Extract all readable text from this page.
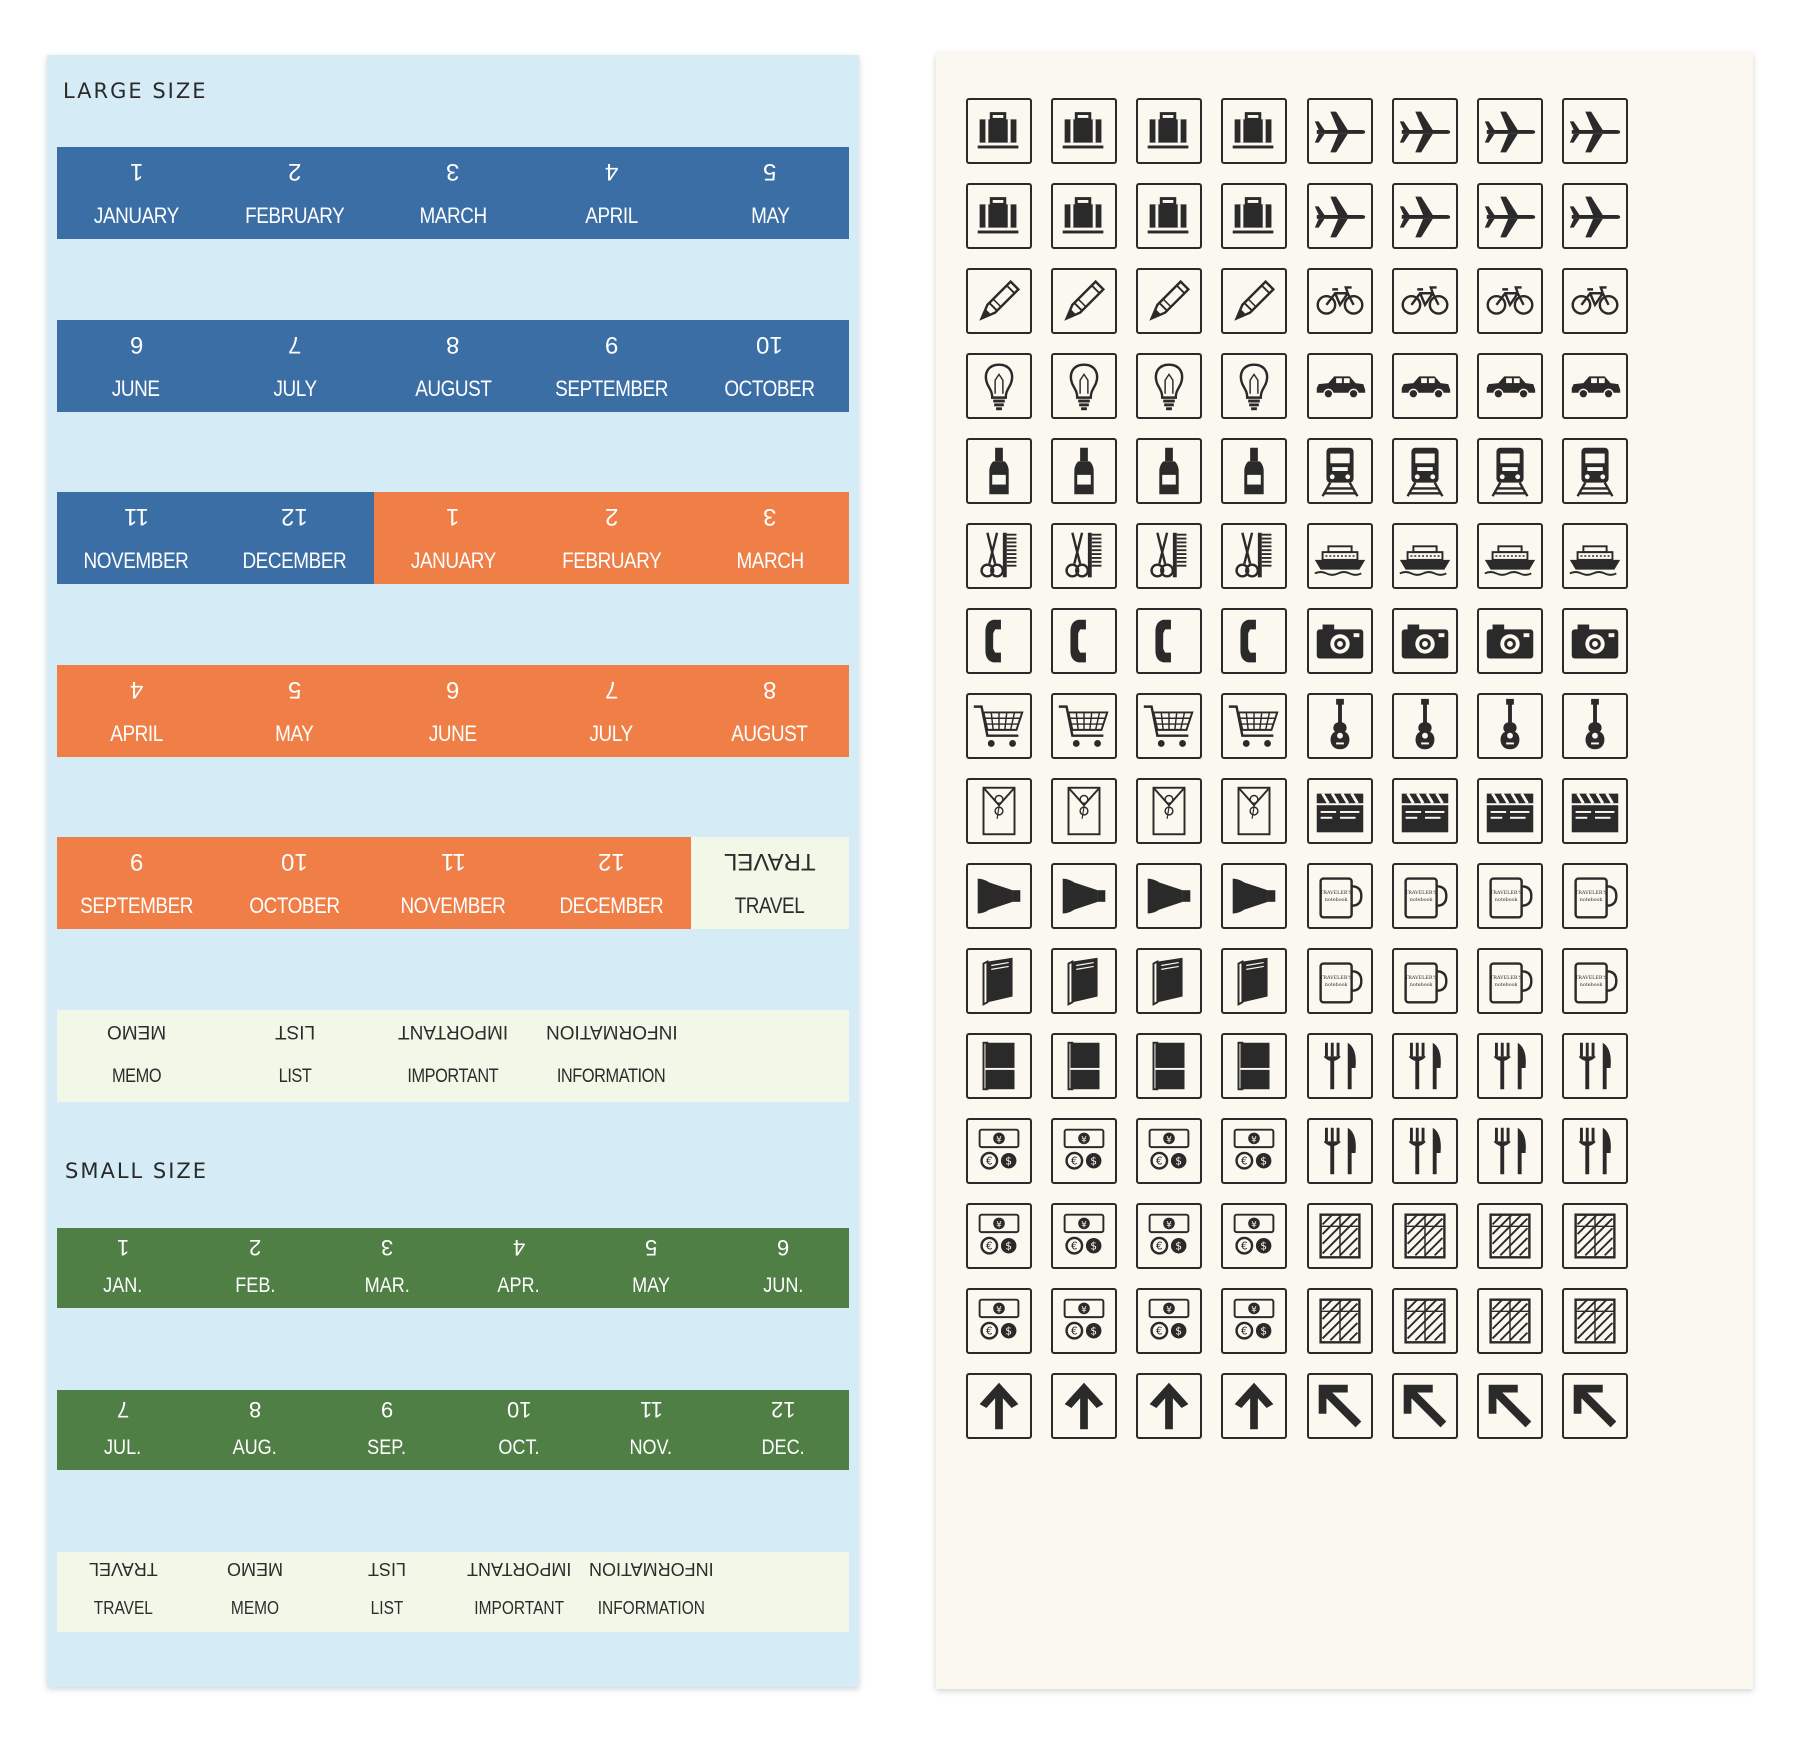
LARGE SIZE
SMALL SIZE
1
JANUARY
2
FEBRUARY
3
MARCH
4
APRIL
5
MAY
6
JUNE
7
JULY
8
AUGUST
9
SEPTEMBER
10
OCTOBER
11
NOVEMBER
12
DECEMBER
1
JANUARY
2
FEBRUARY
3
MARCH
4
APRIL
5
MAY
6
JUNE
7
JULY
8
AUGUST
9
SEPTEMBER
10
OCTOBER
11
NOVEMBER
12
DECEMBER
TRAVEL
TRAVEL
MEMO
MEMO
LIST
LIST
IMPORTANT
IMPORTANT
INFORMATION
INFORMATION
1
JAN.
2
FEB.
3
MAR.
4
APR.
5
MAY
6
JUN.
7
JUL.
8
AUG.
9
SEP.
10
OCT.
11
NOV.
12
DEC.
TRAVEL
TRAVEL
MEMO
MEMO
LIST
LIST
IMPORTANT
IMPORTANT
INFORMATION
INFORMATION
TRAVELER'S
notebook
TRAVELER'S
notebook
TRAVELER'S
notebook
TRAVELER'S
notebook
TRAVELER'S
notebook
TRAVELER'S
notebook
TRAVELER'S
notebook
TRAVELER'S
notebook
¥
€ $
¥
€ $
¥
€ $
¥
€ $
¥
€ $
¥
€ $
¥
€ $
¥
€ $
¥
€ $
¥
€ $
¥
€ $
¥
€ $
